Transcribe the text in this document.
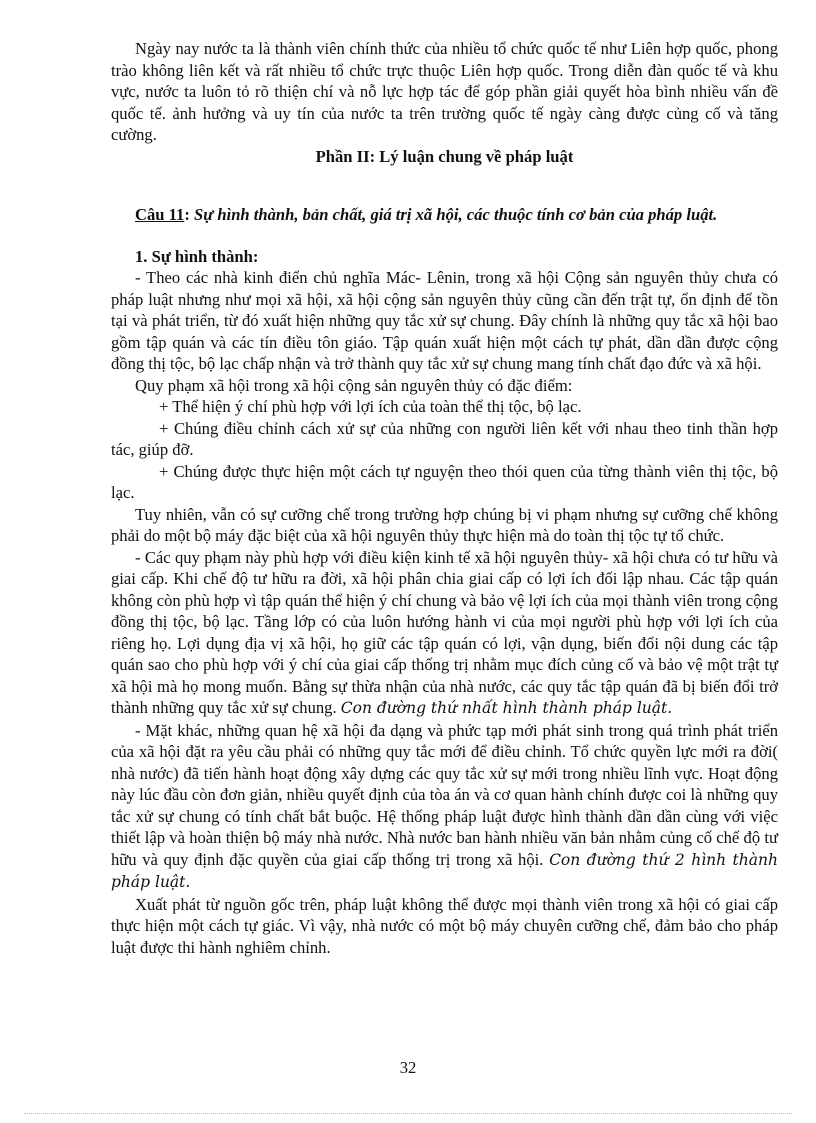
Ngày nay nước ta là thành viên chính thức của nhiều tổ chức quốc tế như Liên hợp quốc, phong trào không liên kết và rất nhiều tổ chức trực thuộc Liên hợp quốc. Trong diễn đàn quốc tế và khu vực, nước ta luôn tỏ rõ thiện chí và nỗ lực hợp tác để góp phần giải quyết hòa bình nhiều vấn đề quốc tế. ảnh hưởng và uy tín của nước ta trên trường quốc tế ngày càng được củng cố và tăng cường.

Phần II: Lý luận chung về pháp luật

Câu 11: Sự hình thành, bản chất, giá trị xã hội, các thuộc tính cơ bản của pháp luật.

1. Sự hình thành:

- Theo các nhà kinh điển chủ nghĩa Mác- Lênin, trong xã hội Cộng sản nguyên thủy chưa có pháp luật nhưng như mọi xã hội, xã hội cộng sản nguyên thủy cũng cần đến trật tự, ổn định để tồn tại và phát triển, từ đó xuất hiện những quy tắc xử sự chung. Đây chính là những quy tắc xã hội bao gồm tập quán và các tín điều tôn giáo. Tập quán xuất hiện một cách tự phát, dần dần được cộng đồng thị tộc, bộ lạc chấp nhận và trở thành quy tắc xử sự chung mang tính chất đạo đức và xã hội.

Quy phạm xã hội trong xã hội cộng sản nguyên thủy có đặc điểm:

+ Thể hiện ý chí phù hợp với lợi ích của toàn thể thị tộc, bộ lạc.

+ Chúng điều chỉnh cách xử sự của những con người liên kết với nhau theo tinh thần hợp tác, giúp đỡ.

+ Chúng được thực hiện một cách tự nguyện theo thói quen của từng thành viên thị tộc, bộ lạc.

Tuy nhiên, vẫn có sự cưỡng chế trong trường hợp chúng bị vi phạm nhưng sự cưỡng chế không phải do một bộ máy đặc biệt của xã hội nguyên thủy thực hiện mà do toàn thị tộc tự tổ chức.

- Các quy phạm này phù hợp với điều kiện kinh tế xã hội nguyên thủy- xã hội chưa có tư hữu và giai cấp. Khi chế độ tư hữu ra đời, xã hội phân chia giai cấp có lợi ích đối lập nhau. Các tập quán không còn phù hợp vì tập quán thể hiện ý chí chung và bảo vệ lợi ích của mọi thành viên trong cộng đồng thị tộc, bộ lạc. Tầng lớp có của luôn hướng hành vi của mọi người phù hợp với lợi ích của riêng họ. Lợi dụng địa vị xã hội, họ giữ các tập quán có lợi, vận dụng, biến đổi nội dung các tập quán sao cho phù hợp với ý chí của giai cấp thống trị nhằm mục đích củng cố và bảo vệ một trật tự xã hội mà họ mong muốn. Bằng sự thừa nhận của nhà nước, các quy tắc tập quán đã bị biến đổi trở thành những quy tắc xử sự chung. Con đường thứ nhất hình thành pháp luật.

- Mặt khác, những quan hệ xã hội đa dạng và phức tạp mới phát sinh trong quá trình phát triển của xã hội đặt ra yêu cầu phải có những quy tắc mới để điều chỉnh. Tổ chức quyền lực mới ra đời( nhà nước) đã tiến hành hoạt động xây dựng các quy tắc xử sự mới trong nhiều lĩnh vực. Hoạt động này lúc đầu còn đơn giản, nhiều quyết định của tòa án và cơ quan hành chính được coi là những quy tắc xử sự chung có tính chất bắt buộc. Hệ thống pháp luật được hình thành dần dần cùng với việc thiết lập và hoàn thiện bộ máy nhà nước. Nhà nước ban hành nhiều văn bản nhằm củng cố chế độ tư hữu và quy định đặc quyền của giai cấp thống trị trong xã hội. Con đường thứ 2 hình thành pháp luật.

Xuất phát từ nguồn gốc trên, pháp luật không thể được mọi thành viên trong xã hội có giai cấp thực hiện một cách tự giác. Vì vậy, nhà nước có một bộ máy chuyên cưỡng chế, đảm bảo cho pháp luật được thi hành nghiêm chỉnh.

32
